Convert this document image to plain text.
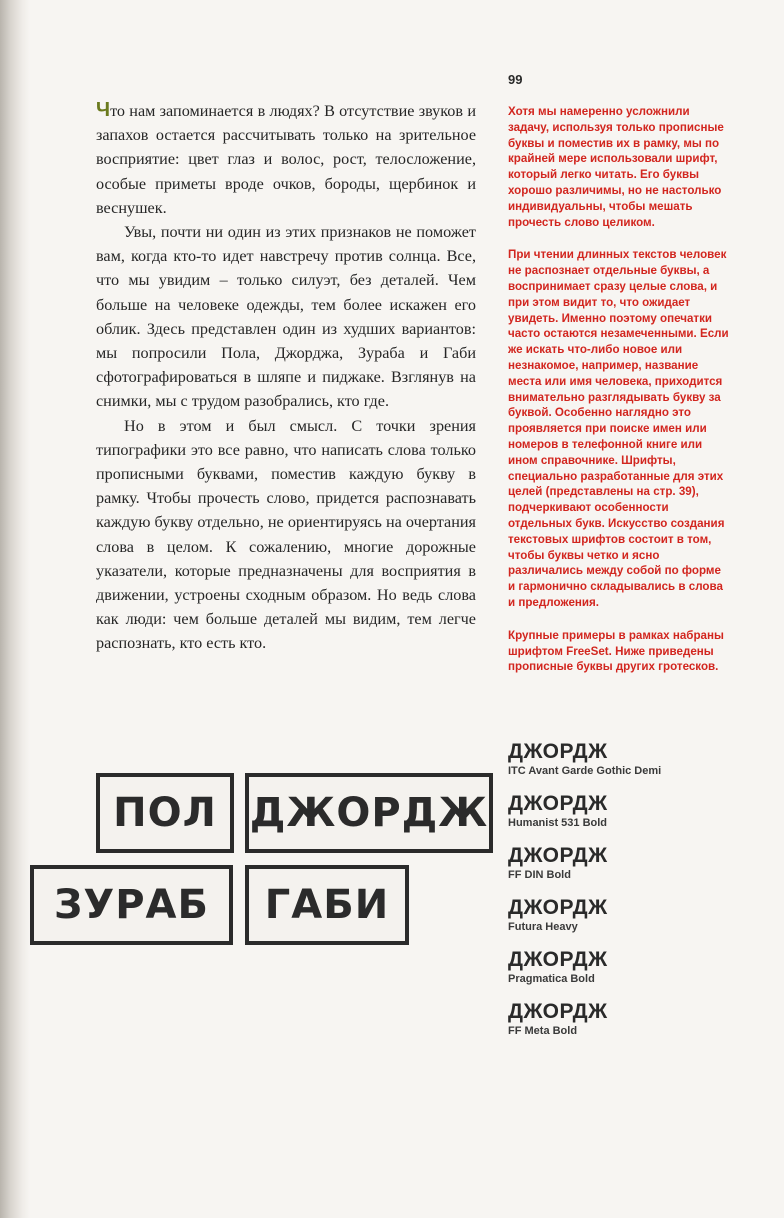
99

Что нам запоминается в людях? В отсутствие звуков и запахов остается рассчитывать только на зрительное восприятие: цвет глаз и волос, рост, телосложение, особые приметы вроде очков, бороды, щербинок и веснушек.

Увы, почти ни один из этих признаков не поможет вам, когда кто-то идет навстречу против солнца. Все, что мы увидим – только силуэт, без деталей. Чем больше на человеке одежды, тем более искажен его облик. Здесь представлен один из худших вариантов: мы попросили Пола, Джорджа, Зураба и Габи сфотографироваться в шляпе и пиджаке. Взглянув на снимки, мы с трудом разобрались, кто где.

Но в этом и был смысл. С точки зрения типографики это все равно, что написать слова только прописными буквами, поместив каждую букву в рамку. Чтобы прочесть слово, придется распознавать каждую букву отдельно, не ориентируясь на очертания слова в целом. К сожалению, многие дорожные указатели, которые предназначены для восприятия в движении, устроены сходным образом. Но ведь слова как люди: чем больше деталей мы видим, тем легче распознать, кто есть кто.

Хотя мы намеренно усложнили задачу, используя только прописные буквы и поместив их в рамку, мы по крайней мере использовали шрифт, который легко читать. Его буквы хорошо различимы, но не настолько индивидуальны, чтобы мешать прочесть слово целиком.

При чтении длинных текстов человек не распознает отдельные буквы, а воспринимает сразу целые слова, и при этом видит то, что ожидает увидеть. Именно поэтому опечатки часто остаются незамеченными. Если же искать что-либо новое или незнакомое, например, название места или имя человека, приходится внимательно разглядывать букву за буквой. Особенно наглядно это проявляется при поиске имен или номеров в телефонной книге или ином справочнике. Шрифты, специально разработанные для этих целей (представлены на стр. 39), подчеркивают особенности отдельных букв. Искусство создания текстовых шрифтов состоит в том, чтобы буквы четко и ясно различались между собой по форме и гармонично складывались в слова и предложения.

Крупные примеры в рамках набраны шрифтом FreeSet. Ниже приведены прописные буквы других гротесков.

ПОЛ ДЖОРДЖ
ЗУРАБ	ГАБИ
ДЖОРДЖ
ITC Avant Garde Gothic Demi
ДЖОРДЖ
Humanist 531 Bold
ДЖОРДЖ
FF DIN Bold
ДЖОРДЖ
Futura Heavy
ДЖОРДЖ
Pragmatica Bold
ДЖОРДЖ
FF Meta Bold
